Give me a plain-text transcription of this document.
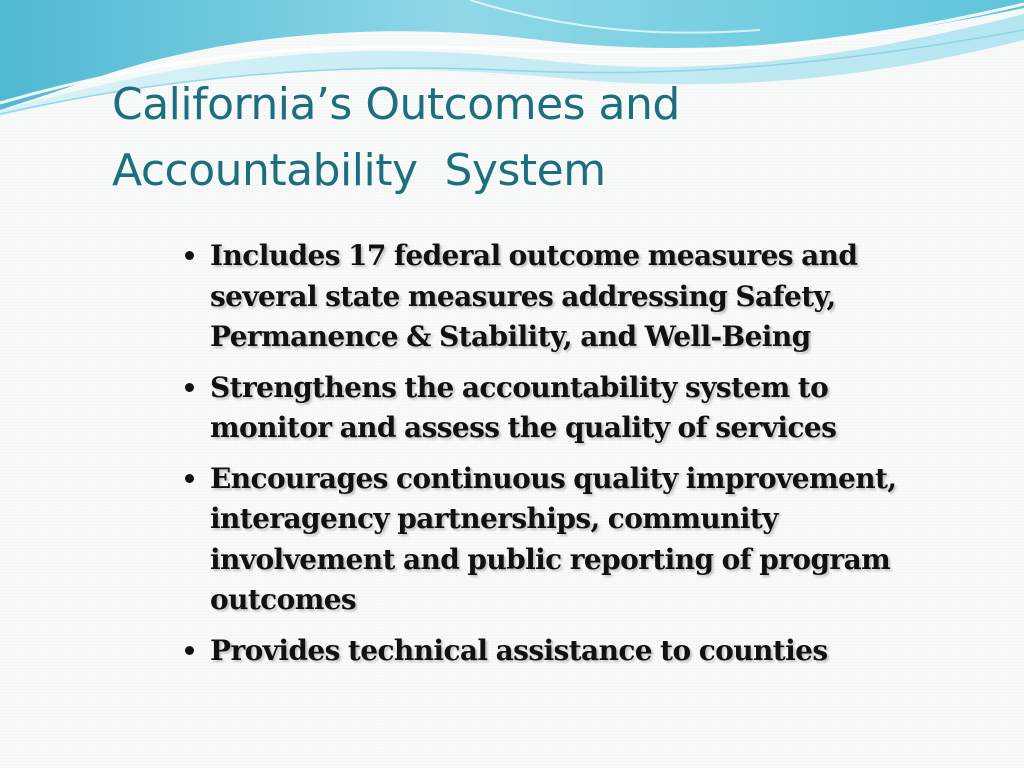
California’s Outcomes and
Accountability  System
Includes 17 federal outcome measures and several state measures addressing Safety, Permanence & Stability, and Well-Being
Strengthens the accountability system to monitor and assess the quality of services
Encourages continuous quality improvement, interagency partnerships, community involvement and public reporting of program outcomes
Provides technical assistance to counties
